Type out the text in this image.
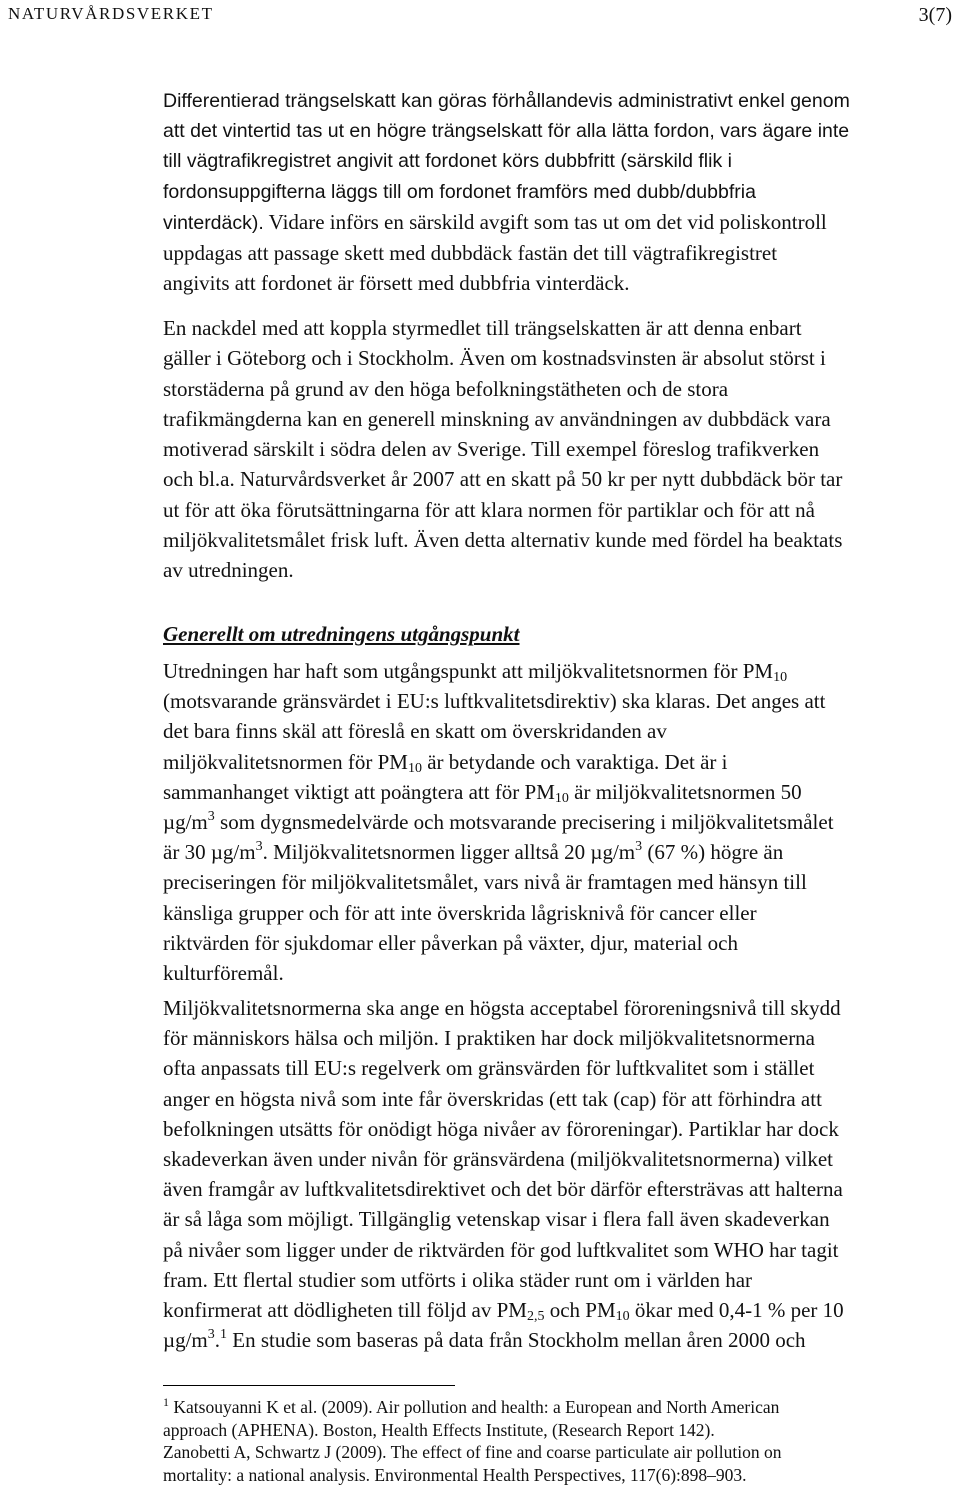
NATURVÅRDSVERKET	3(7)

Differentierad trängselskatt kan göras förhållandevis administrativt enkel genom
att det vintertid tas ut en högre trängselskatt för alla lätta fordon, vars ägare inte
till vägtrafikregistret angivit att fordonet körs dubbfritt (särskild flik i
fordonsuppgifterna läggs till om fordonet framförs med dubb/dubbfria
vinterdäck). Vidare införs en särskild avgift som tas ut om det vid poliskontroll
uppdagas att passage skett med dubbdäck fastän det till vägtrafikregistret
angivits att fordonet är försett med dubbfria vinterdäck.

En nackdel med att koppla styrmedlet till trängselskatten är att denna enbart
gäller i Göteborg och i Stockholm. Även om kostnadsvinsten är absolut störst i
storstäderna på grund av den höga befolkningstätheten och de stora
trafikmängderna kan en generell minskning av användningen av dubbdäck vara
motiverad särskilt i södra delen av Sverige. Till exempel föreslog trafikverken
och bl.a. Naturvårdsverket år 2007 att en skatt på 50 kr per nytt dubbdäck bör tar
ut för att öka förutsättningarna för att klara normen för partiklar och för att nå
miljökvalitetsmålet frisk luft. Även detta alternativ kunde med fördel ha beaktats
av utredningen.

Generellt om utredningens utgångspunkt

Utredningen har haft som utgångspunkt att miljökvalitetsnormen för $PM_{10}$
(motsvarande gränsvärdet i EU:s luftkvalitetsdirektiv) ska klaras. Det anges att
det bara finns skäl att föreslå en skatt om överskridanden av
miljökvalitetsnormen för $PM_{10}$ är betydande och varaktiga. Det är i
sammanhanget viktigt att poängtera att för $PM_{10}$ är miljökvalitetsnormen 50
$\mu g/m^3$ som dygnsmedelvärde och motsvarande precisering i miljökvalitetsmålet
är 30 $\mu g/m^3$. Miljökvalitetsnormen ligger alltså 20 $\mu g/m^3$ (67 %) högre än
preciseringen för miljökvalitetsmålet, vars nivå är framtagen med hänsyn till
känsliga grupper och för att inte överskrida lågrisknivå för cancer eller
riktvärden för sjukdomar eller påverkan på växter, djur, material och
kulturföremål.

Miljökvalitetsnormerna ska ange en högsta acceptabel föroreningsnivå till skydd
för människors hälsa och miljön. I praktiken har dock miljökvalitetsnormerna
ofta anpassats till EU:s regelverk om gränsvärden för luftkvalitet som i stället
anger en högsta nivå som inte får överskridas (ett tak (cap) för att förhindra att
befolkningen utsätts för onödigt höga nivåer av föroreningar). Partiklar har dock
skadeverkan även under nivån för gränsvärdena (miljökvalitetsnormerna) vilket
även framgår av luftkvalitetsdirektivet och det bör därför eftersträvas att halterna
är så låga som möjligt. Tillgänglig vetenskap visar i flera fall även skadeverkan
på nivåer som ligger under de riktvärden för god luftkvalitet som WHO har tagit
fram. Ett flertal studier som utförts i olika städer runt om i världen har
konfirmerat att dödligheten till följd av $PM_{2,5}$ och $PM_{10}$ ökar med 0,4-1 % per 10
$\mu g/m^3.^1$ En studie som baseras på data från Stockholm mellan åren 2000 och

$^1$ Katsouyanni K et al. (2009). Air pollution and health: a European and North American
approach (APHENA). Boston, Health Effects Institute, (Research Report 142).
Zanobetti A, Schwartz J (2009). The effect of fine and coarse particulate air pollution on
mortality: a national analysis. Environmental Health Perspectives, 117(6):898–903.
